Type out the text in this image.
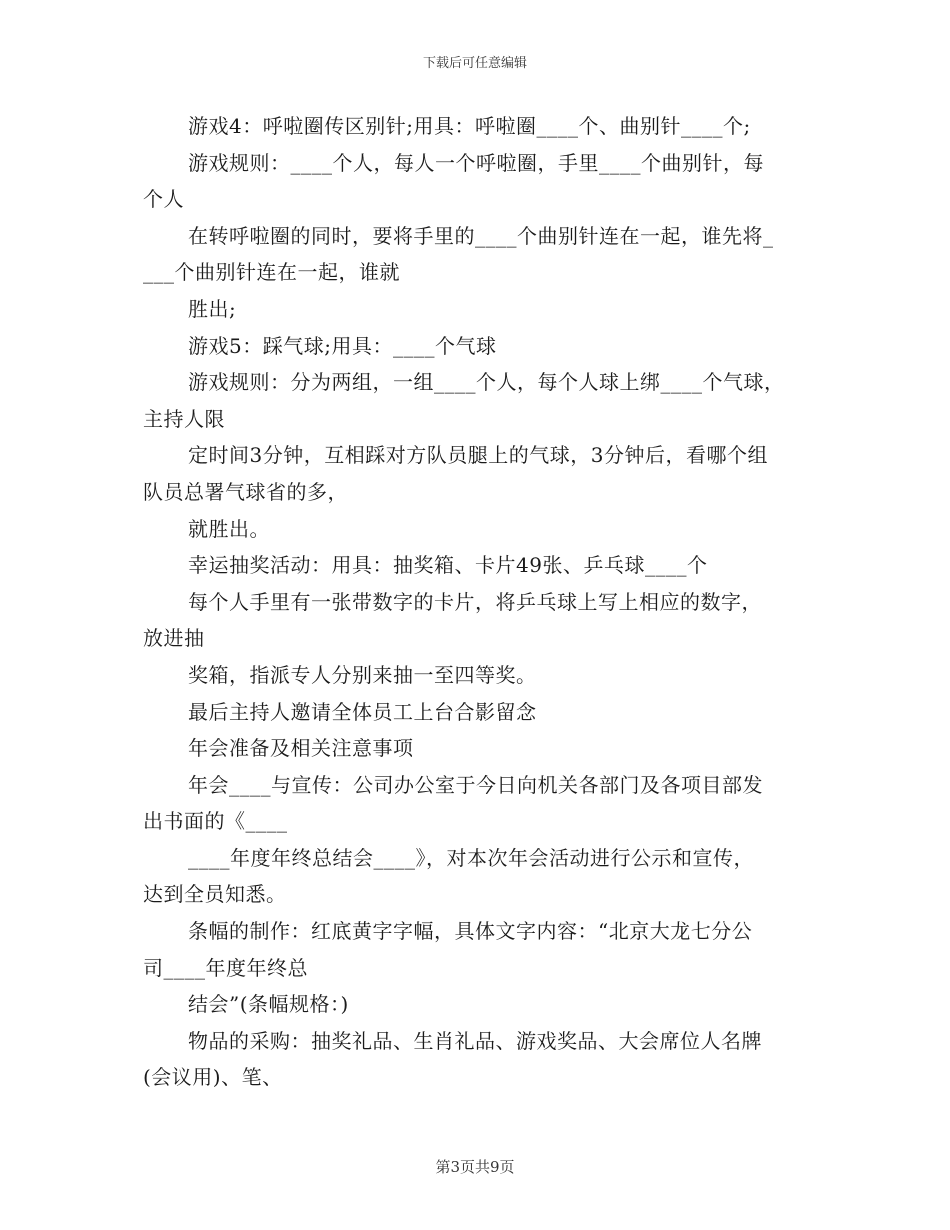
下载后可任意编辑
游戏4：呼啦圈传区别针;用具：呼啦圈____个、曲别针____个;
游戏规则：____个人，每人一个呼啦圈，手里____个曲别针，每
个人
在转呼啦圈的同时，要将手里的____个曲别针连在一起，谁先将_
___个曲别针连在一起，谁就
胜出;
游戏5：踩气球;用具：____个气球
游戏规则：分为两组，一组____个人，每个人球上绑____个气球，
主持人限
定时间3分钟，互相踩对方队员腿上的气球，3分钟后，看哪个组
队员总署气球省的多，
就胜出。
幸运抽奖活动：用具：抽奖箱、卡片49张、乒乓球____个
每个人手里有一张带数字的卡片，将乒乓球上写上相应的数字，
放进抽
奖箱，指派专人分别来抽一至四等奖。
最后主持人邀请全体员工上台合影留念
年会准备及相关注意事项
年会____与宣传：公司办公室于今日向机关各部门及各项目部发
出书面的《____
____年度年终总结会____》，对本次年会活动进行公示和宣传，
达到全员知悉。
条幅的制作：红底黄字字幅，具体文字内容：“北京大龙七分公
司____年度年终总
结会”(条幅规格：)
物品的采购：抽奖礼品、生肖礼品、游戏奖品、大会席位人名牌
(会议用)、笔、
第3页共9页
